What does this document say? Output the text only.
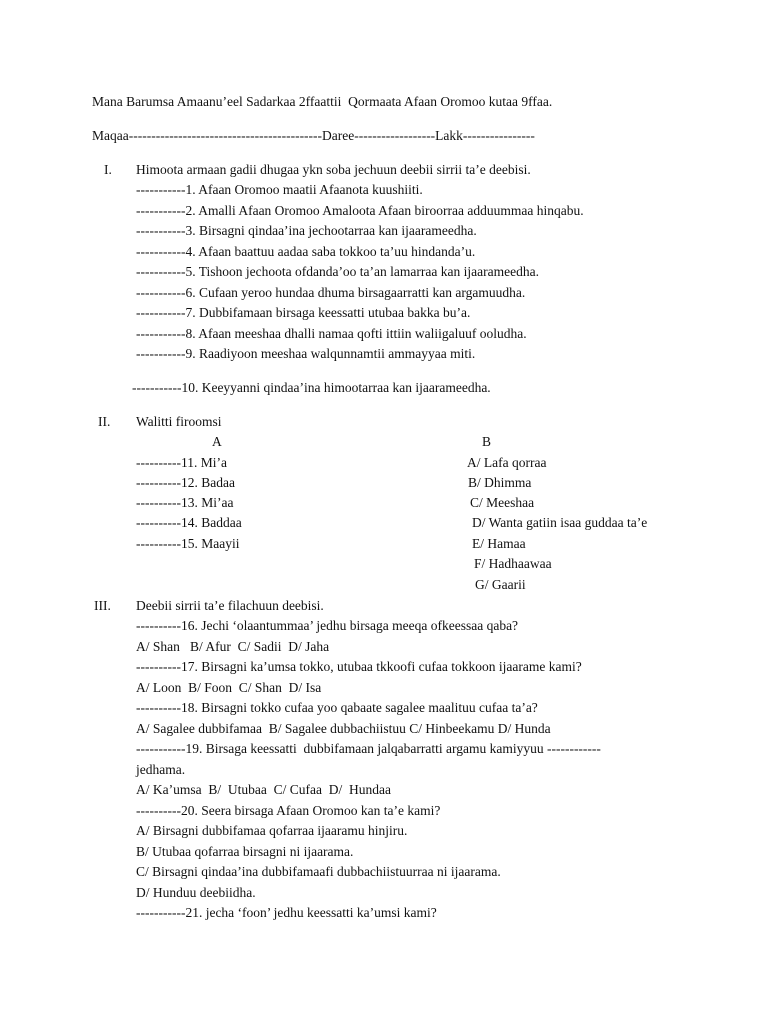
Mana Barumsa Amaanu’eel Sadarkaa 2ffaattii  Qormaata Afaan Oromoo kutaa 9ffaa.
Maqaa-------------------------------------------Daree------------------Lakk----------------
I. Himoota armaan gadii dhugaa ykn soba jechuun deebii sirrii ta’e deebisi.
-----------1. Afaan Oromoo maatii Afaanota kuushiiti.
-----------2. Amalli Afaan Oromoo Amaloota Afaan biroorraa adduummaa hinqabu.
-----------3. Birsagni qindaa’ina jechootarraa kan ijaarameedha.
-----------4. Afaan baattuu aadaa saba tokkoo ta’uu hindanda’u.
-----------5. Tishoon jechoota ofdanda’oo ta’an lamarraa kan ijaarameedha.
-----------6. Cufaan yeroo hundaa dhuma birsagaarratti kan argamuudha.
-----------7. Dubbifamaan birsaga keessatti utubaa bakka bu’a.
-----------8. Afaan meeshaa dhalli namaa qofti ittiin waliigaluuf ooludha.
-----------9. Raadiyoon meeshaa walqunnamtii ammayyaa miti.
-----------10. Keeyyanni qindaa’ina himootarraa kan ijaarameedha.
II. Walitti firoomsi
A	B
----------11. Mi’a
----------12. Badaa
----------13. Mi’aa
----------14. Baddaa
----------15. Maayii
A/ Lafa qorraa
B/ Dhimma
C/ Meeshaa
D/ Wanta gatiin isaa guddaa ta’e
E/ Hamaa
F/ Hadhaawaa
G/ Gaarii
III. Deebii sirrii ta’e filachuun deebisi.
----------16. Jechi ‘olaantummaa’ jedhu birsaga meeqa ofkeessaa qaba?
A/ Shan   B/ Afur  C/ Sadii  D/ Jaha
----------17. Birsagni ka’umsa tokko, utubaa tkkoofi cufaa tokkoon ijaarame kami?
A/ Loon  B/ Foon  C/ Shan  D/ Isa
----------18. Birsagni tokko cufaa yoo qabaate sagalee maalituu cufaa ta’a?
A/ Sagalee dubbifamaa  B/ Sagalee dubbachiistuu C/ Hinbeekamu D/ Hunda
-----------19. Birsaga keessatti  dubbifamaan jalqabarratti argamu kamiyyuu ------------
jedhama.
A/ Ka’umsa  B/  Utubaa  C/ Cufaa  D/  Hundaa
----------20. Seera birsaga Afaan Oromoo kan ta’e kami?
A/ Birsagni dubbifamaa qofarraa ijaaramu hinjiru.
B/ Utubaa qofarraa birsagni ni ijaarama.
C/ Birsagni qindaa’ina dubbifamaafi dubbachiistuurraa ni ijaarama.
D/ Hunduu deebiidha.
-----------21. jecha ‘foon’ jedhu keessatti ka’umsi kami?
